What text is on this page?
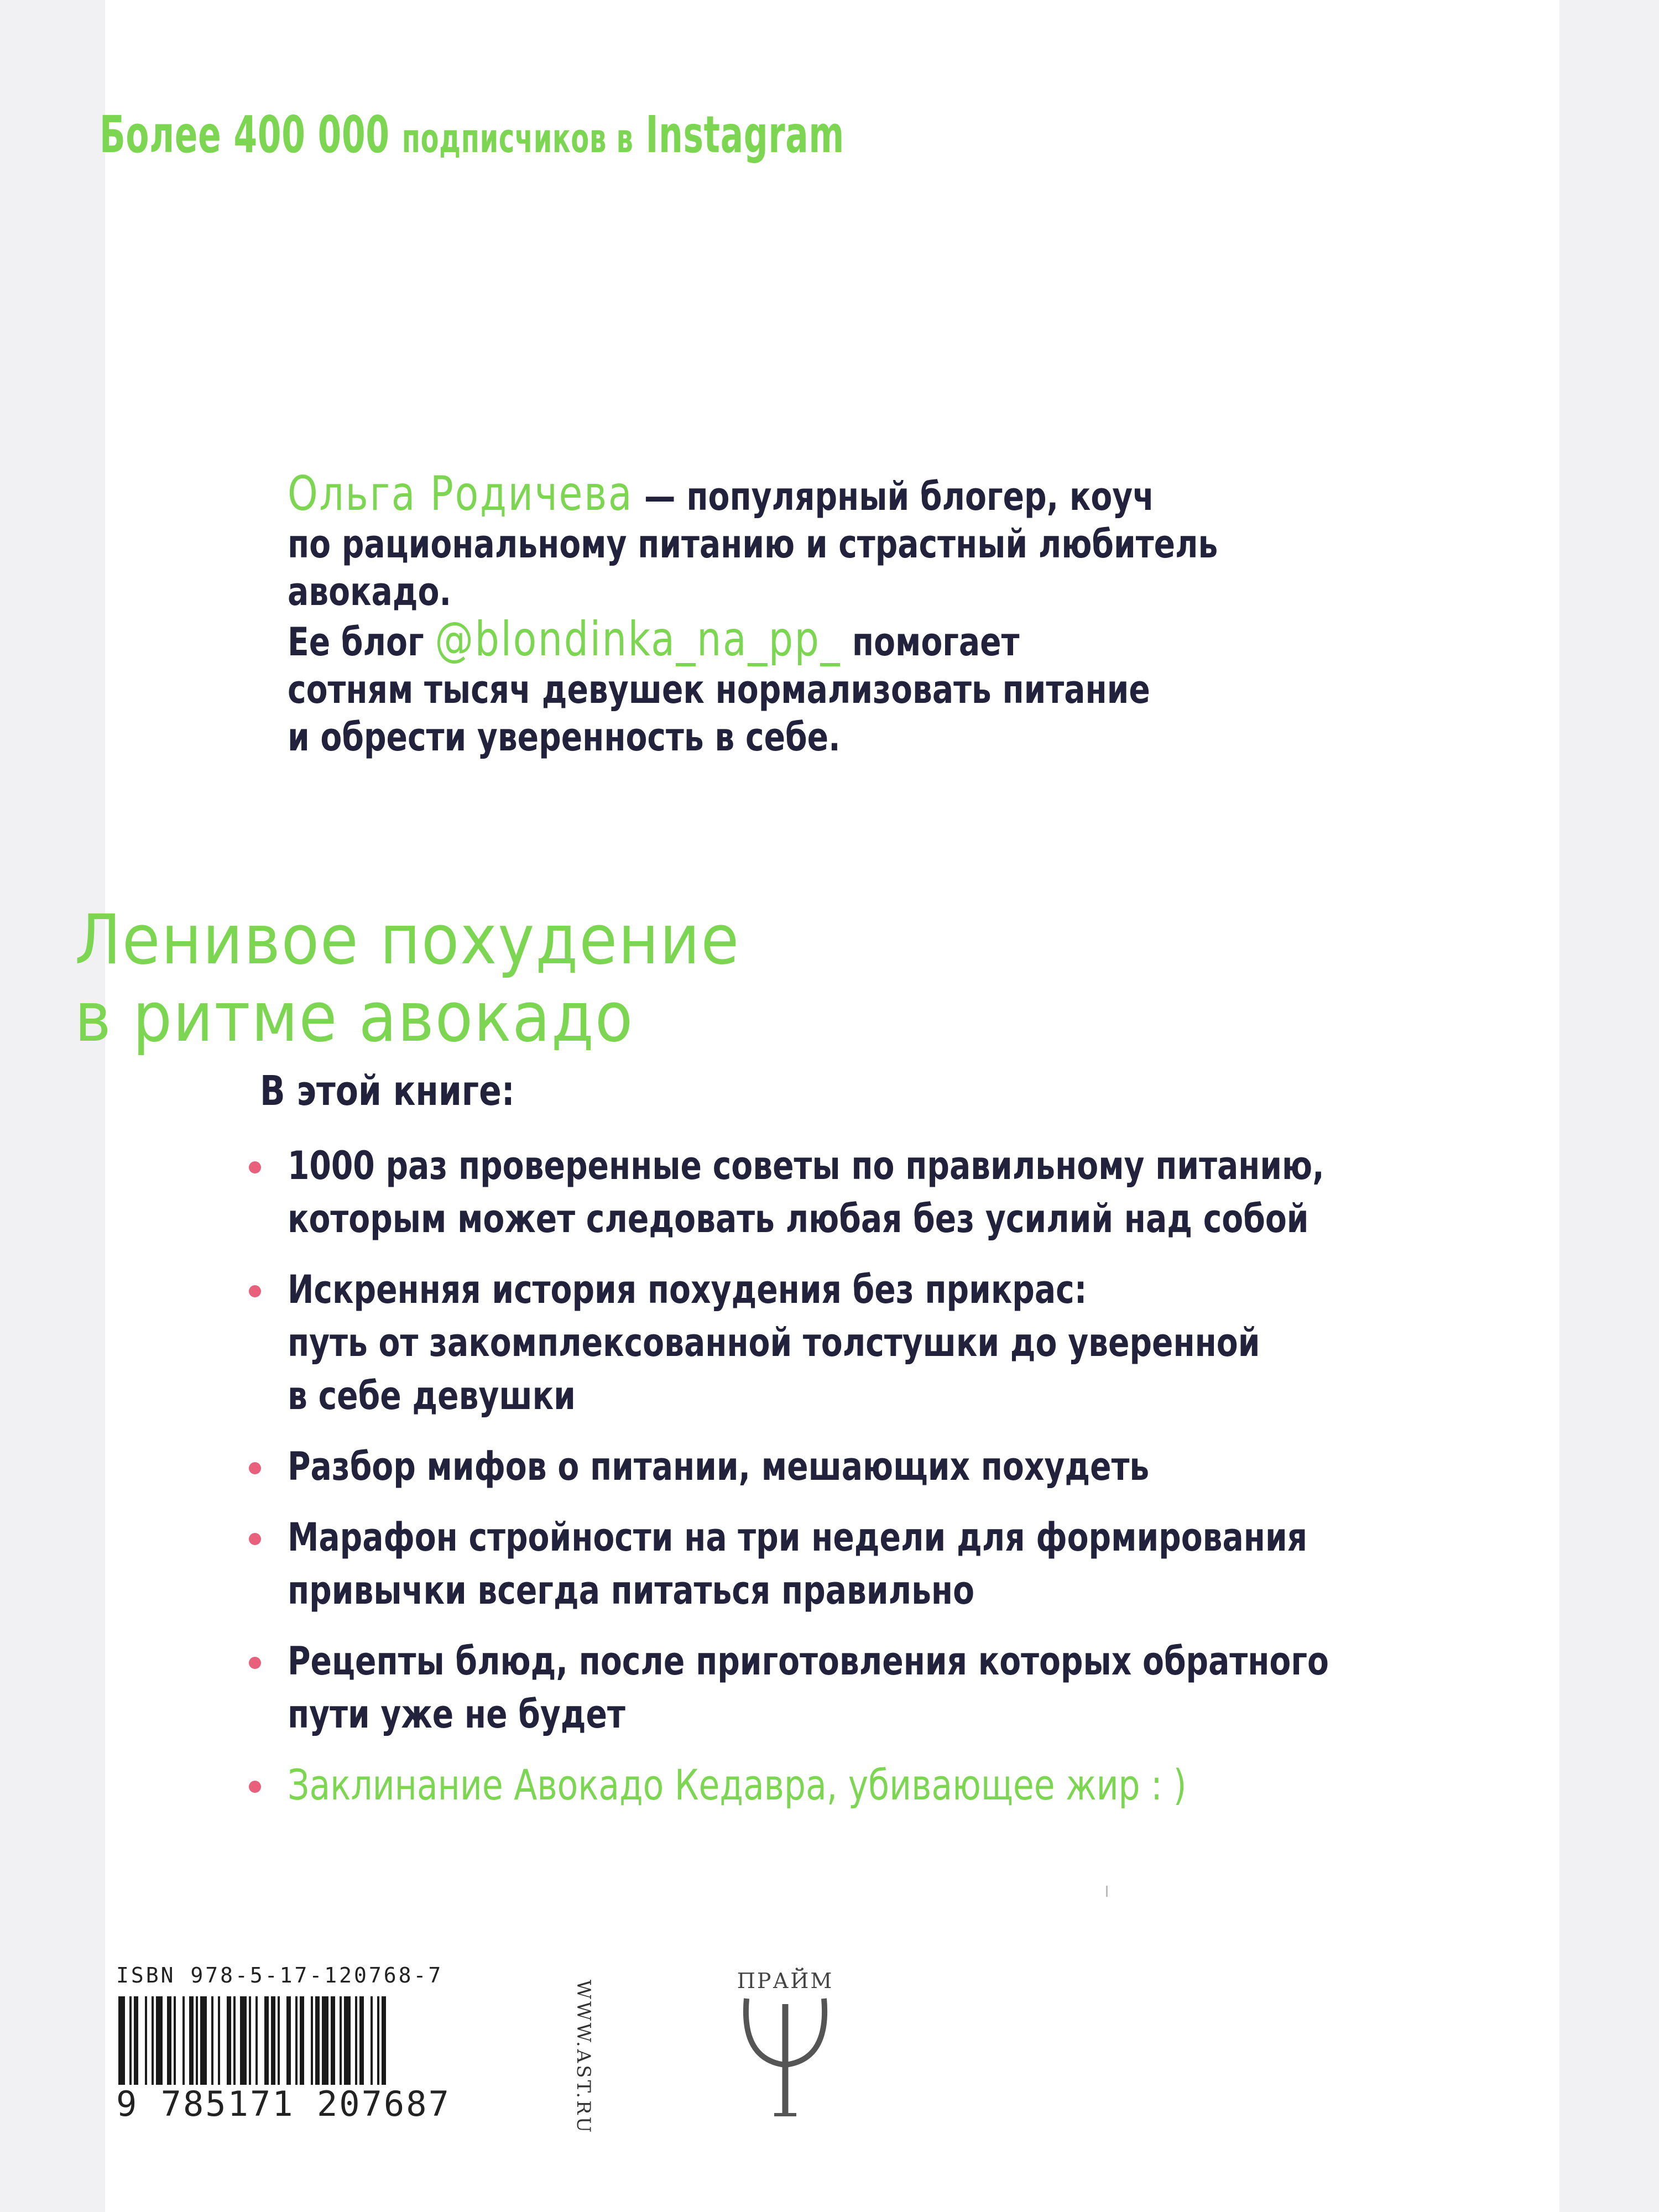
Более 400 000 подписчиков в Instagram
Ольга Родичева — популярный блогер, коуч
по рациональному питанию и страстный любитель
авокадо.
Ее блог @blondinka_na_pp_ помогает
сотням тысяч девушек нормализовать питание
и обрести уверенность в себе.
Ленивое похудение
в ритме авокадо
В этой книге:
1000 раз проверенные советы по правильному питанию,
которым может следовать любая без усилий над собой
Искренняя история похудения без прикрас:
путь от закомплексованной толстушки до уверенной
в себе девушки
Разбор мифов о питании, мешающих похудеть
Марафон стройности на три недели для формирования
привычки всегда питаться правильно
Рецепты блюд, после приготовления которых обратного
пути уже не будет
Заклинание Авокадо Кедавра, убивающее жир : )
ISBN 978-5-17-120768-7
9 785171 207687	WWW.AST.RU	ПРАЙМ
